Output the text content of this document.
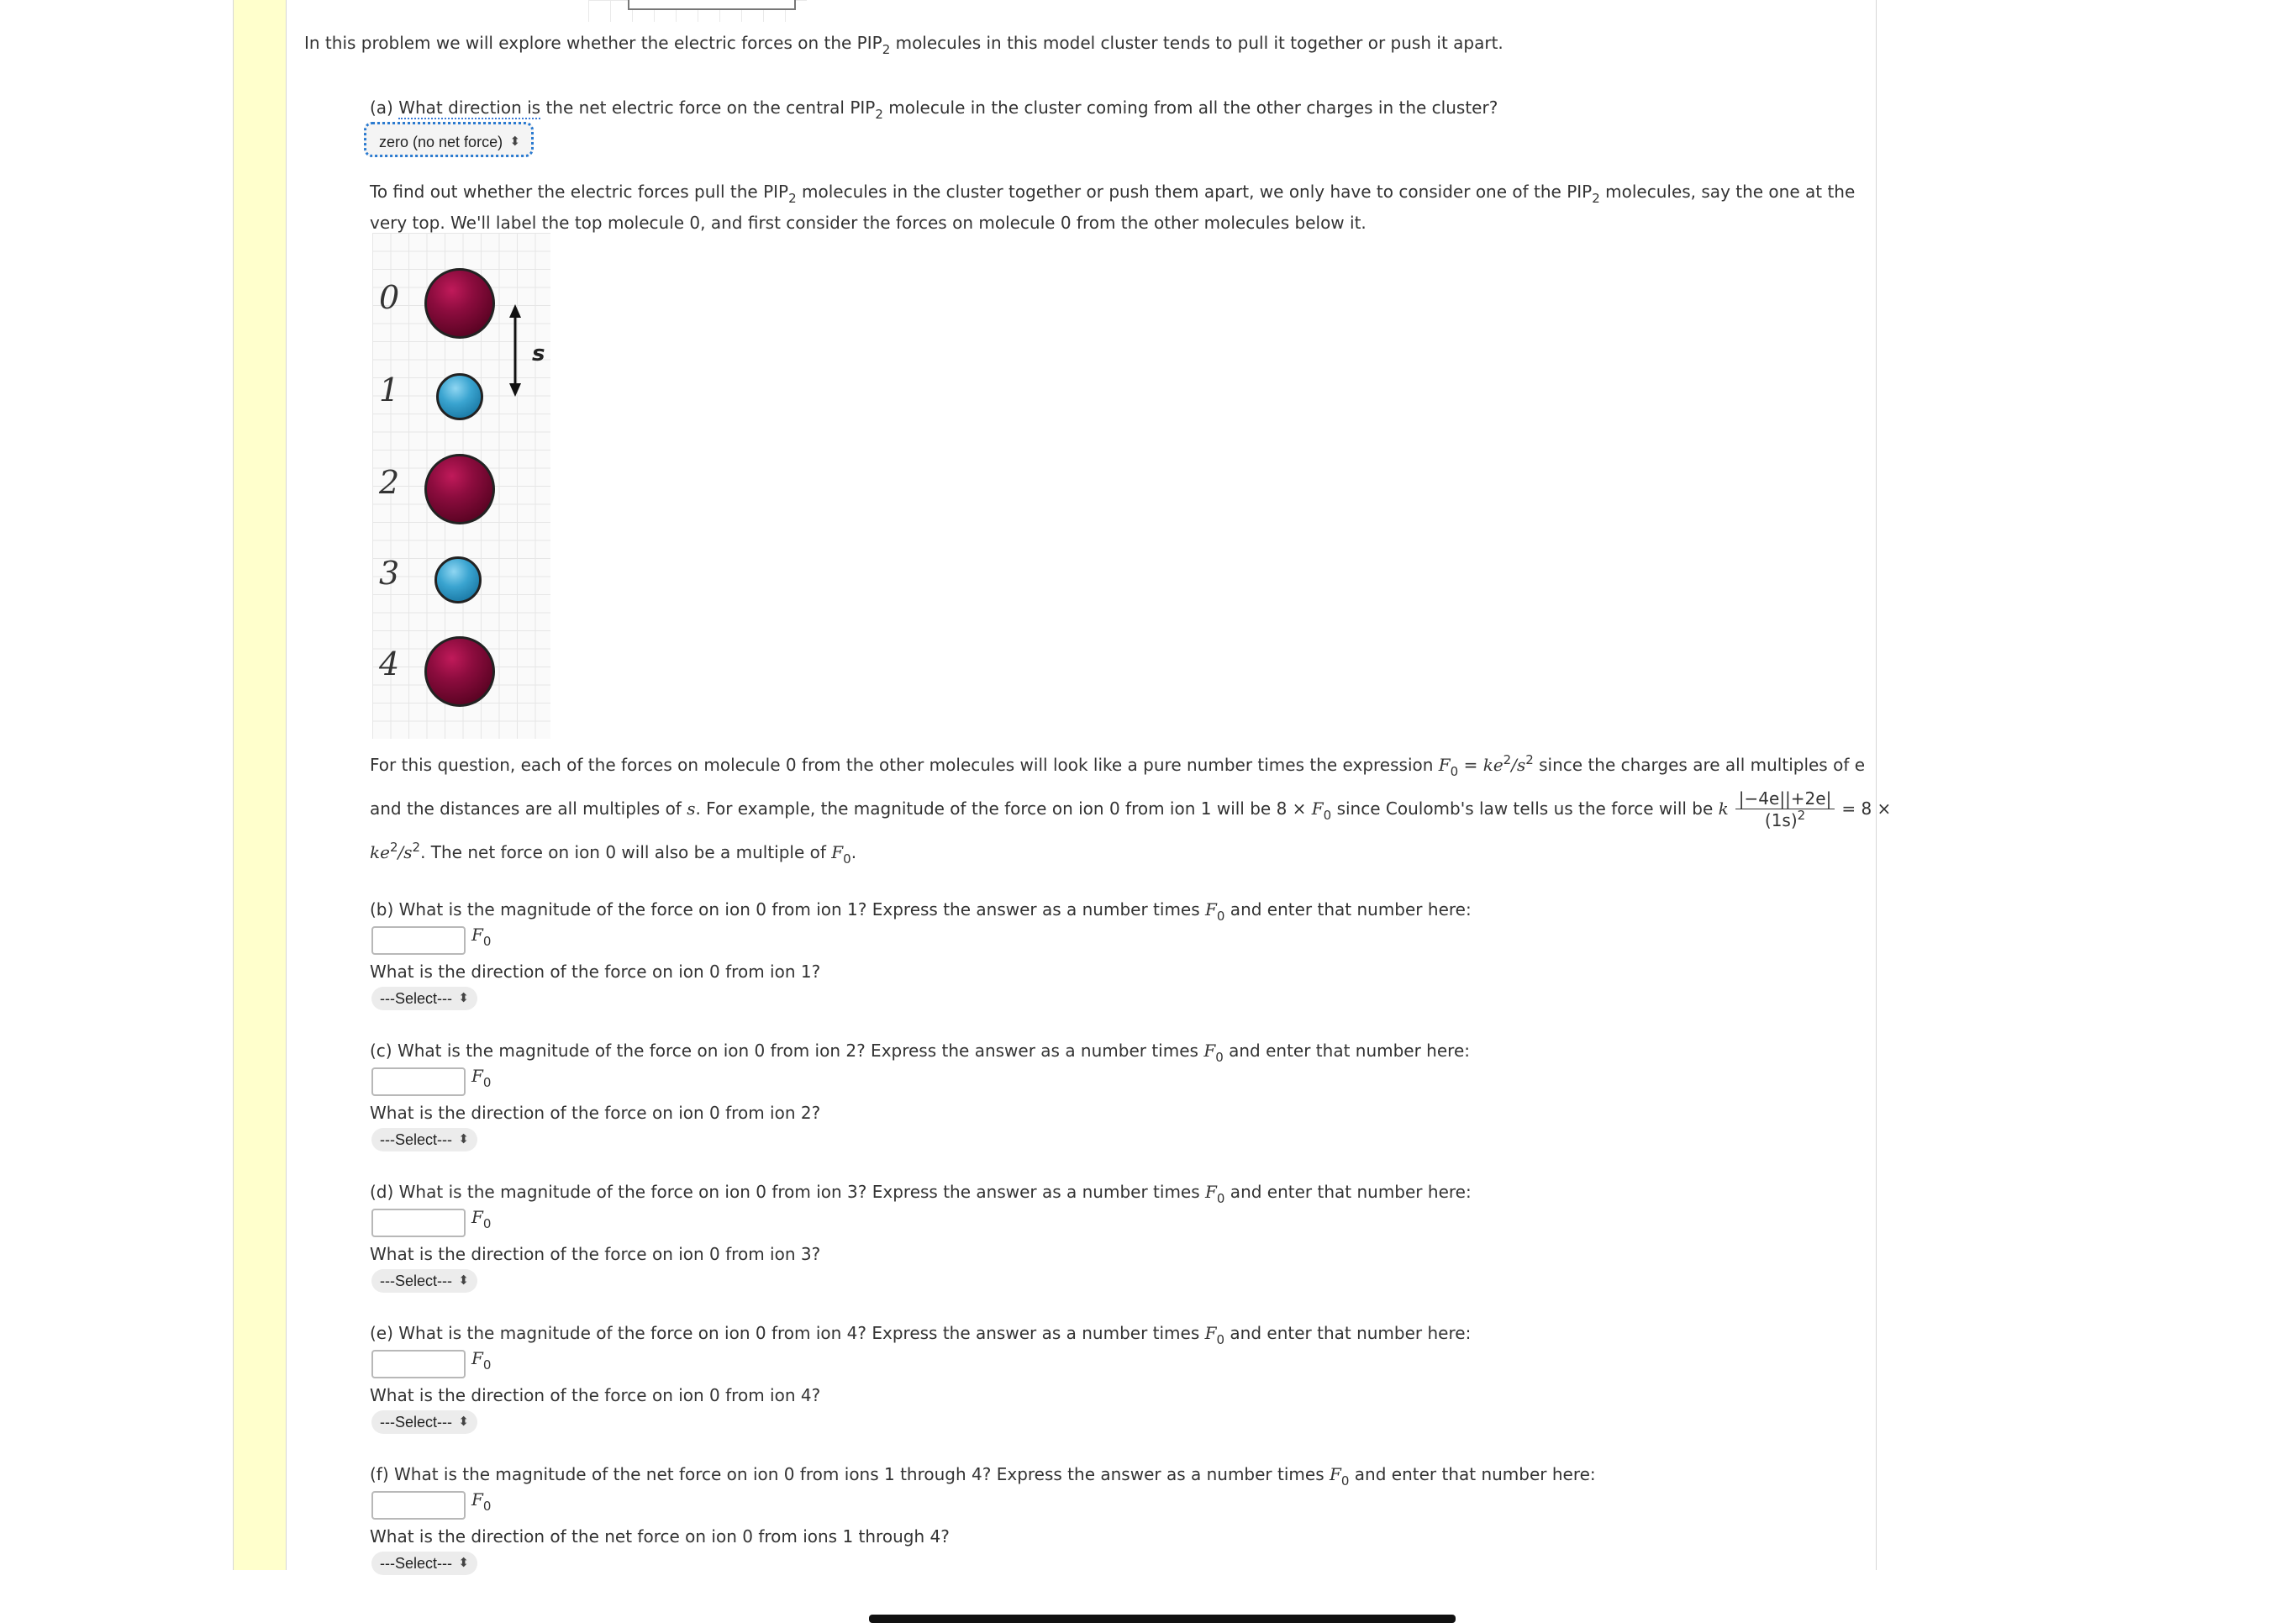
In this problem we will explore whether the electric forces on the $PIP_2$ molecules in this model cluster tends to pull it together or push it apart.
(a) What direction is the net electric force on the central $PIP_2$ molecule in the cluster coming from all the other charges in the cluster?
zero (no net force) ⬍
To find out whether the electric forces pull the $PIP_2$ molecules in the cluster together or push them apart, we only have to consider one of the $PIP_2$ molecules, say the one at the
very top. We'll label the top molecule 0, and first consider the forces on molecule 0 from the other molecules below it.
0
1
2
3
4
s
For this question, each of the forces on molecule 0 from the other molecules will look like a pure number times the expression $F_0 = ke^2/s^2$ since the charges are all multiples of e
and the distances are all multiples of s. For example, the magnitude of the force on ion 0 from ion 1 will be $8 \times F_0$ since Coulomb's law tells us the force will be k $\frac{|-4e||+2e|}{(1s)^2} = 8$ ×
$ke^2/s^2$. The net force on ion 0 will also be a multiple of $F_0$.
(b) What is the magnitude of the force on ion 0 from ion 1? Express the answer as a number times $F_0$ and enter that number here:
$F_0$
What is the direction of the force on ion 0 from ion 1?
---Select--- ⬍
(c) What is the magnitude of the force on ion 0 from ion 2? Express the answer as a number times $F_0$ and enter that number here:
$F_0$
What is the direction of the force on ion 0 from ion 2?
---Select--- ⬍
(d) What is the magnitude of the force on ion 0 from ion 3? Express the answer as a number times $F_0$ and enter that number here:
$F_0$
What is the direction of the force on ion 0 from ion 3?
---Select--- ⬍
(e) What is the magnitude of the force on ion 0 from ion 4? Express the answer as a number times $F_0$ and enter that number here:
$F_0$
What is the direction of the force on ion 0 from ion 4?
---Select--- ⬍
(f) What is the magnitude of the net force on ion 0 from ions 1 through 4? Express the answer as a number times $F_0$ and enter that number here:
$F_0$
What is the direction of the net force on ion 0 from ions 1 through 4?
---Select--- ⬍
